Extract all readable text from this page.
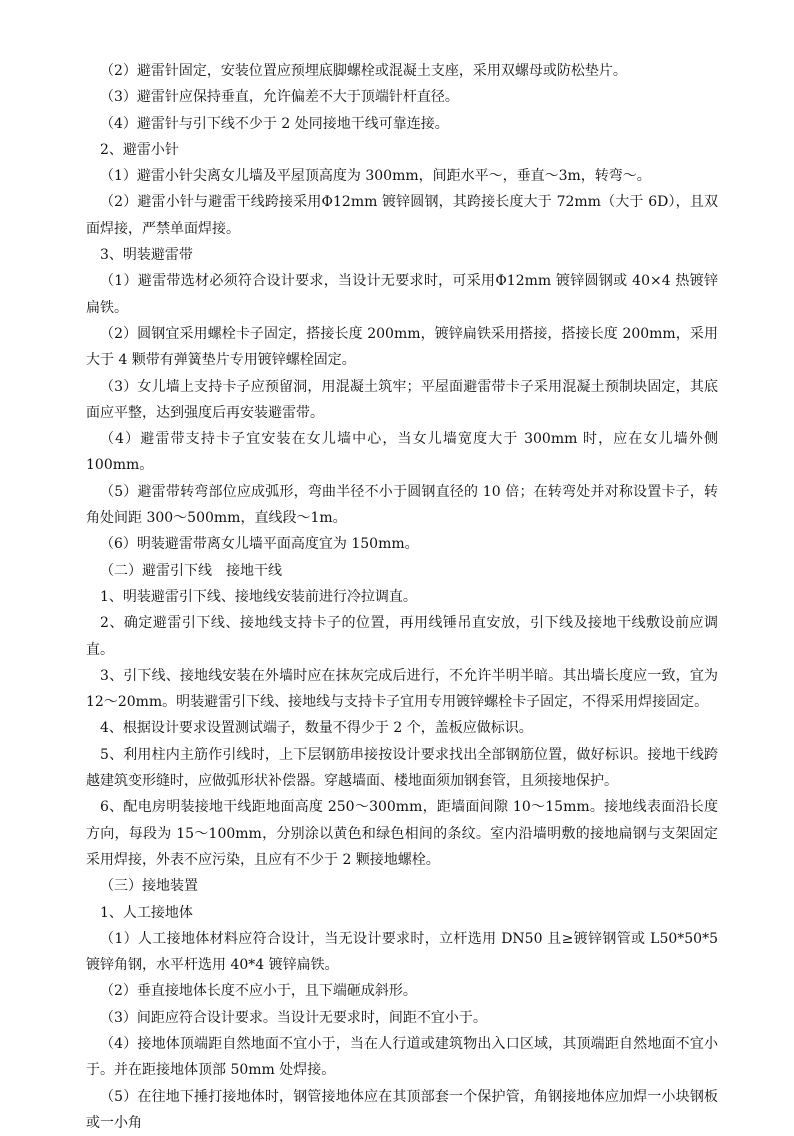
（2）避雷针固定，安装位置应预埋底脚螺栓或混凝土支座，采用双螺母或防松垫片。

（3）避雷针应保持垂直，允许偏差不大于顶端针杆直径。

（4）避雷针与引下线不少于 2 处同接地干线可靠连接。

2、避雷小针

（1）避雷小针尖离女儿墙及平屋顶高度为 300mm，间距水平～，垂直～3m，转弯～。

（2）避雷小针与避雷干线跨接采用Φ12mm 镀锌圆钢，其跨接长度大于 72mm（大于 6D），且双面焊接，严禁单面焊接。

3、明装避雷带

（1）避雷带选材必须符合设计要求，当设计无要求时，可采用Φ12mm 镀锌圆钢或 40×4 热镀锌扁铁。

（2）圆钢宜采用螺栓卡子固定，搭接长度 200mm，镀锌扁铁采用搭接，搭接长度 200mm，采用大于 4 颗带有弹簧垫片专用镀锌螺栓固定。

（3）女儿墙上支持卡子应预留洞，用混凝土筑牢；平屋面避雷带卡子采用混凝土预制块固定，其底面应平整，达到强度后再安装避雷带。

（4）避雷带支持卡子宜安装在女儿墙中心，当女儿墙宽度大于 300mm 时，应在女儿墙外侧 100mm。

（5）避雷带转弯部位应成弧形，弯曲半径不小于圆钢直径的 10 倍；在转弯处并对称设置卡子，转角处间距 300～500mm，直线段～1m。

（6）明装避雷带离女儿墙平面高度宜为 150mm。

（二）避雷引下线　接地干线

1、明装避雷引下线、接地线安装前进行冷拉调直。

2、确定避雷引下线、接地线支持卡子的位置，再用线锤吊直安放，引下线及接地干线敷设前应调直。

3、引下线、接地线安装在外墙时应在抹灰完成后进行，不允许半明半暗。其出墙长度应一致，宜为 12～20mm。明装避雷引下线、接地线与支持卡子宜用专用镀锌螺栓卡子固定，不得采用焊接固定。

4、根据设计要求设置测试端子，数量不得少于 2 个，盖板应做标识。

5、利用柱内主筋作引线时，上下层钢筋串接按设计要求找出全部钢筋位置，做好标识。接地干线跨越建筑变形缝时，应做弧形状补偿器。穿越墙面、楼地面须加钢套管，且须接地保护。

6、配电房明装接地干线距地面高度 250～300mm，距墙面间隙 10～15mm。接地线表面沿长度方向，每段为 15～100mm，分别涂以黄色和绿色相间的条纹。室内沿墙明敷的接地扁钢与支架固定采用焊接，外表不应污染，且应有不少于 2 颗接地螺栓。

（三）接地装置

1、人工接地体

（1）人工接地体材料应符合设计，当无设计要求时，立杆选用 DN50 且≥镀锌钢管或 L50*50*5 镀锌角钢，水平杆选用 40*4 镀锌扁铁。

（2）垂直接地体长度不应小于，且下端砸成斜形。

（3）间距应符合设计要求。当设计无要求时，间距不宜小于。

（4）接地体顶端距自然地面不宜小于，当在人行道或建筑物出入口区域，其顶端距自然地面不宜小于。并在距接地体顶部 50mm 处焊接。

（5）在往地下捶打接地体时，钢管接地体应在其顶部套一个保护管，角钢接地体应加焊一小块钢板或一小角
